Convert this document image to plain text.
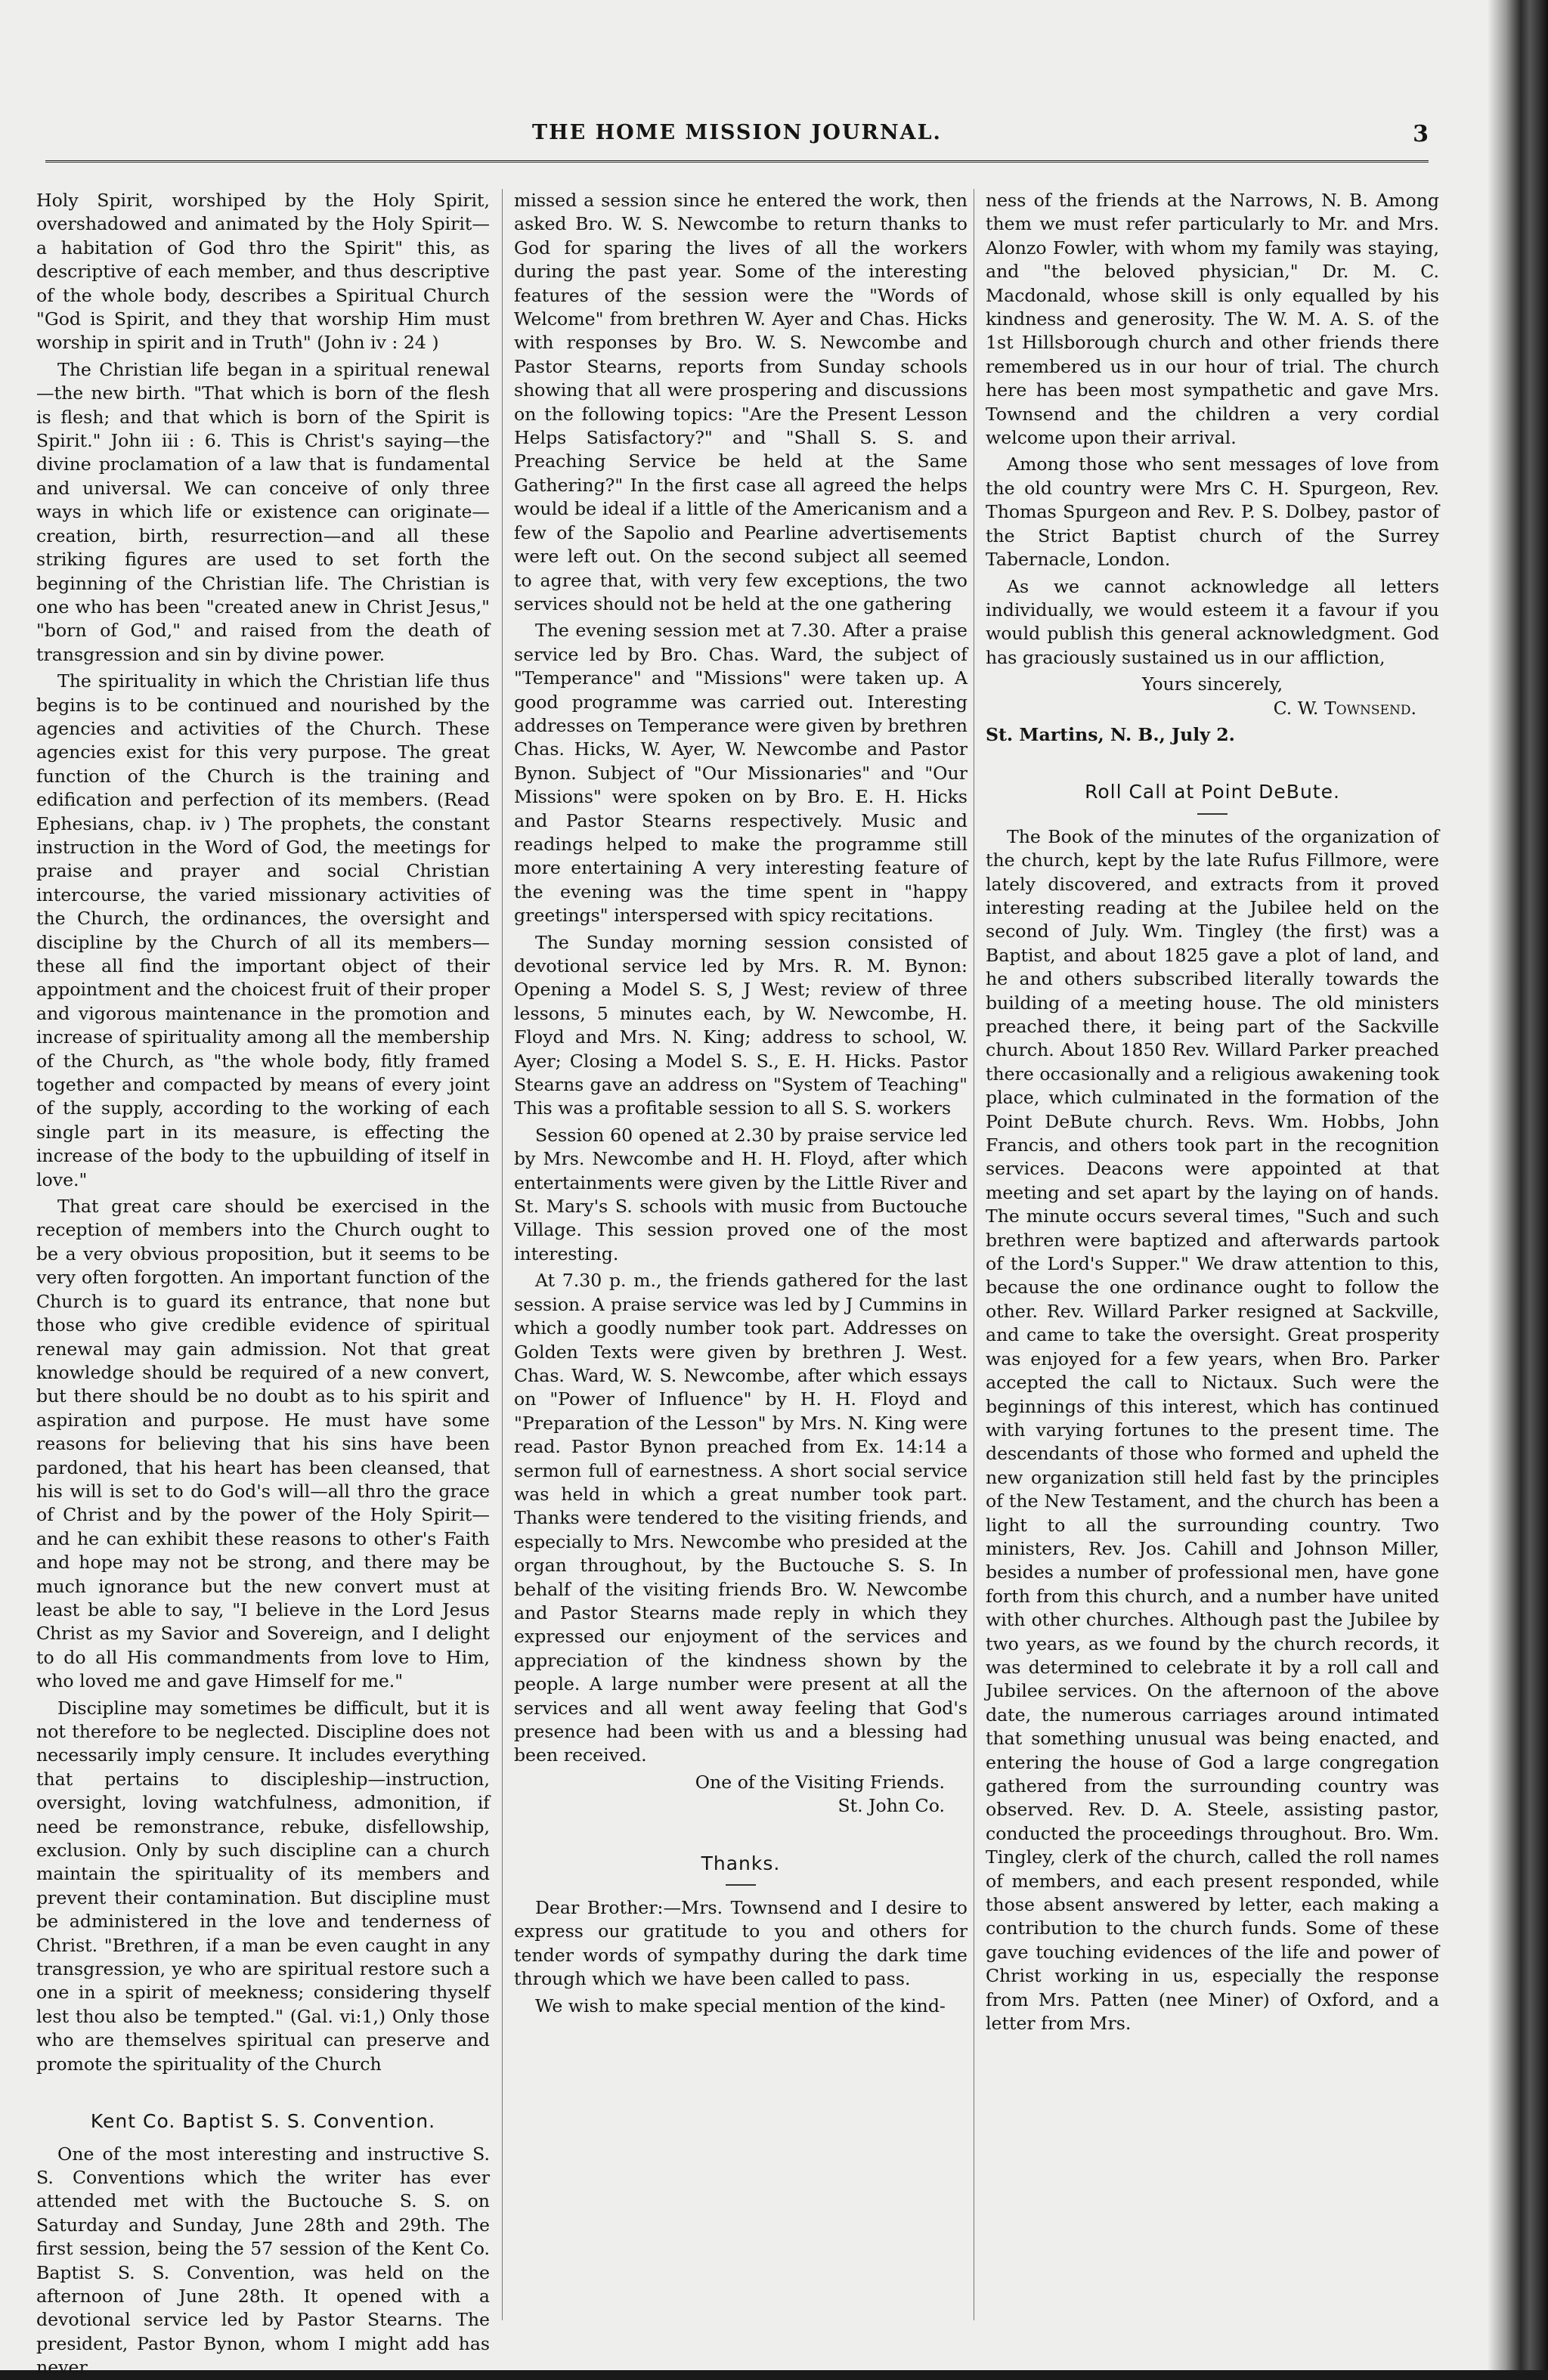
THE HOME MISSION JOURNAL.	3

Holy Spirit, worshiped by the Holy Spirit, overshadowed and animated by the Holy Spirit—a habitation of God thro the Spirit" this, as descriptive of each member, and thus descriptive of the whole body, describes a Spiritual Church "God is Spirit, and they that worship Him must worship in spirit and in Truth" (John iv : 24 )

The Christian life began in a spiritual renewal —the new birth. "That which is born of the flesh is flesh; and that which is born of the Spirit is Spirit." John iii : 6. This is Christ's saying—the divine proclamation of a law that is fundamental and universal. We can conceive of only three ways in which life or existence can originate—creation, birth, resurrection—and all these striking figures are used to set forth the beginning of the Christian life. The Christian is one who has been "created anew in Christ Jesus," "born of God," and raised from the death of transgression and sin by divine power.

The spirituality in which the Christian life thus begins is to be continued and nourished by the agencies and activities of the Church. These agencies exist for this very purpose. The great function of the Church is the training and edification and perfection of its members. (Read Ephesians, chap. iv ) The prophets, the constant instruction in the Word of God, the meetings for praise and prayer and social Christian intercourse, the varied missionary activities of the Church, the ordinances, the oversight and discipline by the Church of all its members—these all find the important object of their appointment and the choicest fruit of their proper and vigorous maintenance in the promotion and increase of spirituality among all the membership of the Church, as "the whole body, fitly framed together and compacted by means of every joint of the supply, according to the working of each single part in its measure, is effecting the increase of the body to the upbuilding of itself in love."

That great care should be exercised in the reception of members into the Church ought to be a very obvious proposition, but it seems to be very often forgotten. An important function of the Church is to guard its entrance, that none but those who give credible evidence of spiritual renewal may gain admission. Not that great knowledge should be required of a new convert, but there should be no doubt as to his spirit and aspiration and purpose. He must have some reasons for believing that his sins have been pardoned, that his heart has been cleansed, that his will is set to do God's will—all thro the grace of Christ and by the power of the Holy Spirit—and he can exhibit these reasons to other's Faith and hope may not be strong, and there may be much ignorance but the new convert must at least be able to say, "I believe in the Lord Jesus Christ as my Savior and Sovereign, and I delight to do all His commandments from love to Him, who loved me and gave Himself for me."

Discipline may sometimes be difficult, but it is not therefore to be neglected. Discipline does not necessarily imply censure. It includes everything that pertains to discipleship—instruction, oversight, loving watchfulness, admonition, if need be remonstrance, rebuke, disfellowship, exclusion. Only by such discipline can a church maintain the spirituality of its members and prevent their contamination. But discipline must be administered in the love and tenderness of Christ. "Brethren, if a man be even caught in any transgression, ye who are spiritual restore such a one in a spirit of meekness; considering thyself lest thou also be tempted." (Gal. vi:1,) Only those who are themselves spiritual can preserve and promote the spirituality of the Church

Kent Co. Baptist S. S. Convention.

One of the most interesting and instructive S. S. Conventions which the writer has ever attended met with the Buctouche S. S. on Saturday and Sunday, June 28th and 29th. The first session, being the 57 session of the Kent Co. Baptist S. S. Convention, was held on the afternoon of June 28th. It opened with a devotional service led by Pastor Stearns. The president, Pastor Bynon, whom I might add has never

missed a session since he entered the work, then asked Bro. W. S. Newcombe to return thanks to God for sparing the lives of all the workers during the past year. Some of the interesting features of the session were the "Words of Welcome" from brethren W. Ayer and Chas. Hicks with responses by Bro. W. S. Newcombe and Pastor Stearns, reports from Sunday schools showing that all were prospering and discussions on the following topics: "Are the Present Lesson Helps Satisfactory?" and "Shall S. S. and Preaching Service be held at the Same Gathering?" In the first case all agreed the helps would be ideal if a little of the Americanism and a few of the Sapolio and Pearline advertisements were left out. On the second subject all seemed to agree that, with very few exceptions, the two services should not be held at the one gathering

The evening session met at 7.30. After a praise service led by Bro. Chas. Ward, the subject of "Temperance" and "Missions" were taken up. A good programme was carried out. Interesting addresses on Temperance were given by brethren Chas. Hicks, W. Ayer, W. Newcombe and Pastor Bynon. Subject of "Our Missionaries" and "Our Missions" were spoken on by Bro. E. H. Hicks and Pastor Stearns respectively. Music and readings helped to make the programme still more entertaining A very interesting feature of the evening was the time spent in "happy greetings" interspersed with spicy recitations.

The Sunday morning session consisted of devotional service led by Mrs. R. M. Bynon: Opening a Model S. S, J West; review of three lessons, 5 minutes each, by W. Newcombe, H. Floyd and Mrs. N. King; address to school, W. Ayer; Closing a Model S. S., E. H. Hicks. Pastor Stearns gave an address on "System of Teaching" This was a profitable session to all S. S. workers

Session 60 opened at 2.30 by praise service led by Mrs. Newcombe and H. H. Floyd, after which entertainments were given by the Little River and St. Mary's S. schools with music from Buctouche Village. This session proved one of the most interesting.

At 7.30 p. m., the friends gathered for the last session. A praise service was led by J Cummins in which a goodly number took part. Addresses on Golden Texts were given by brethren J. West. Chas. Ward, W. S. Newcombe, after which essays on "Power of Influence" by H. H. Floyd and "Preparation of the Lesson" by Mrs. N. King were read. Pastor Bynon preached from Ex. 14:14 a sermon full of earnestness. A short social service was held in which a great number took part. Thanks were tendered to the visiting friends, and especially to Mrs. Newcombe who presided at the organ throughout, by the Buctouche S. S. In behalf of the visiting friends Bro. W. Newcombe and Pastor Stearns made reply in which they expressed our enjoyment of the services and appreciation of the kindness shown by the people. A large number were present at all the services and all went away feeling that God's presence had been with us and a blessing had been received.

One of the Visiting Friends.
St. John Co.
Thanks.

Dear Brother:—Mrs. Townsend and I desire to express our gratitude to you and others for tender words of sympathy during the dark time through which we have been called to pass.

We wish to make special mention of the kind-

ness of the friends at the Narrows, N. B. Among them we must refer particularly to Mr. and Mrs. Alonzo Fowler, with whom my family was staying, and "the beloved physician," Dr. M. C. Macdonald, whose skill is only equalled by his kindness and generosity. The W. M. A. S. of the 1st Hillsborough church and other friends there remembered us in our hour of trial. The church here has been most sympathetic and gave Mrs. Townsend and the children a very cordial welcome upon their arrival.

Among those who sent messages of love from the old country were Mrs C. H. Spurgeon, Rev. Thomas Spurgeon and Rev. P. S. Dolbey, pastor of the Strict Baptist church of the Surrey Tabernacle, London.

As we cannot acknowledge all letters individually, we would esteem it a favour if you would publish this general acknowledgment. God has graciously sustained us in our affliction,

Yours sincerely,
C. W. Townsend.
St. Martins, N. B., July 2.
Roll Call at Point DeBute.

The Book of the minutes of the organization of the church, kept by the late Rufus Fillmore, were lately discovered, and extracts from it proved interesting reading at the Jubilee held on the second of July. Wm. Tingley (the first) was a Baptist, and about 1825 gave a plot of land, and he and others subscribed literally towards the building of a meeting house. The old ministers preached there, it being part of the Sackville church. About 1850 Rev. Willard Parker preached there occasionally and a religious awakening took place, which culminated in the formation of the Point DeBute church. Revs. Wm. Hobbs, John Francis, and others took part in the recognition services. Deacons were appointed at that meeting and set apart by the laying on of hands. The minute occurs several times, "Such and such brethren were baptized and afterwards partook of the Lord's Supper." We draw attention to this, because the one ordinance ought to follow the other. Rev. Willard Parker resigned at Sackville, and came to take the oversight. Great prosperity was enjoyed for a few years, when Bro. Parker accepted the call to Nictaux. Such were the beginnings of this interest, which has continued with varying fortunes to the present time. The descendants of those who formed and upheld the new organization still held fast by the principles of the New Testament, and the church has been a light to all the surrounding country. Two ministers, Rev. Jos. Cahill and Johnson Miller, besides a number of professional men, have gone forth from this church, and a number have united with other churches. Although past the Jubilee by two years, as we found by the church records, it was determined to celebrate it by a roll call and Jubilee services. On the afternoon of the above date, the numerous carriages around intimated that something unusual was being enacted, and entering the house of God a large congregation gathered from the surrounding country was observed. Rev. D. A. Steele, assisting pastor, conducted the proceedings throughout. Bro. Wm. Tingley, clerk of the church, called the roll names of members, and each present responded, while those absent answered by letter, each making a contribution to the church funds. Some of these gave touching evidences of the life and power of Christ working in us, especially the response from Mrs. Patten (nee Miner) of Oxford, and a letter from Mrs.
